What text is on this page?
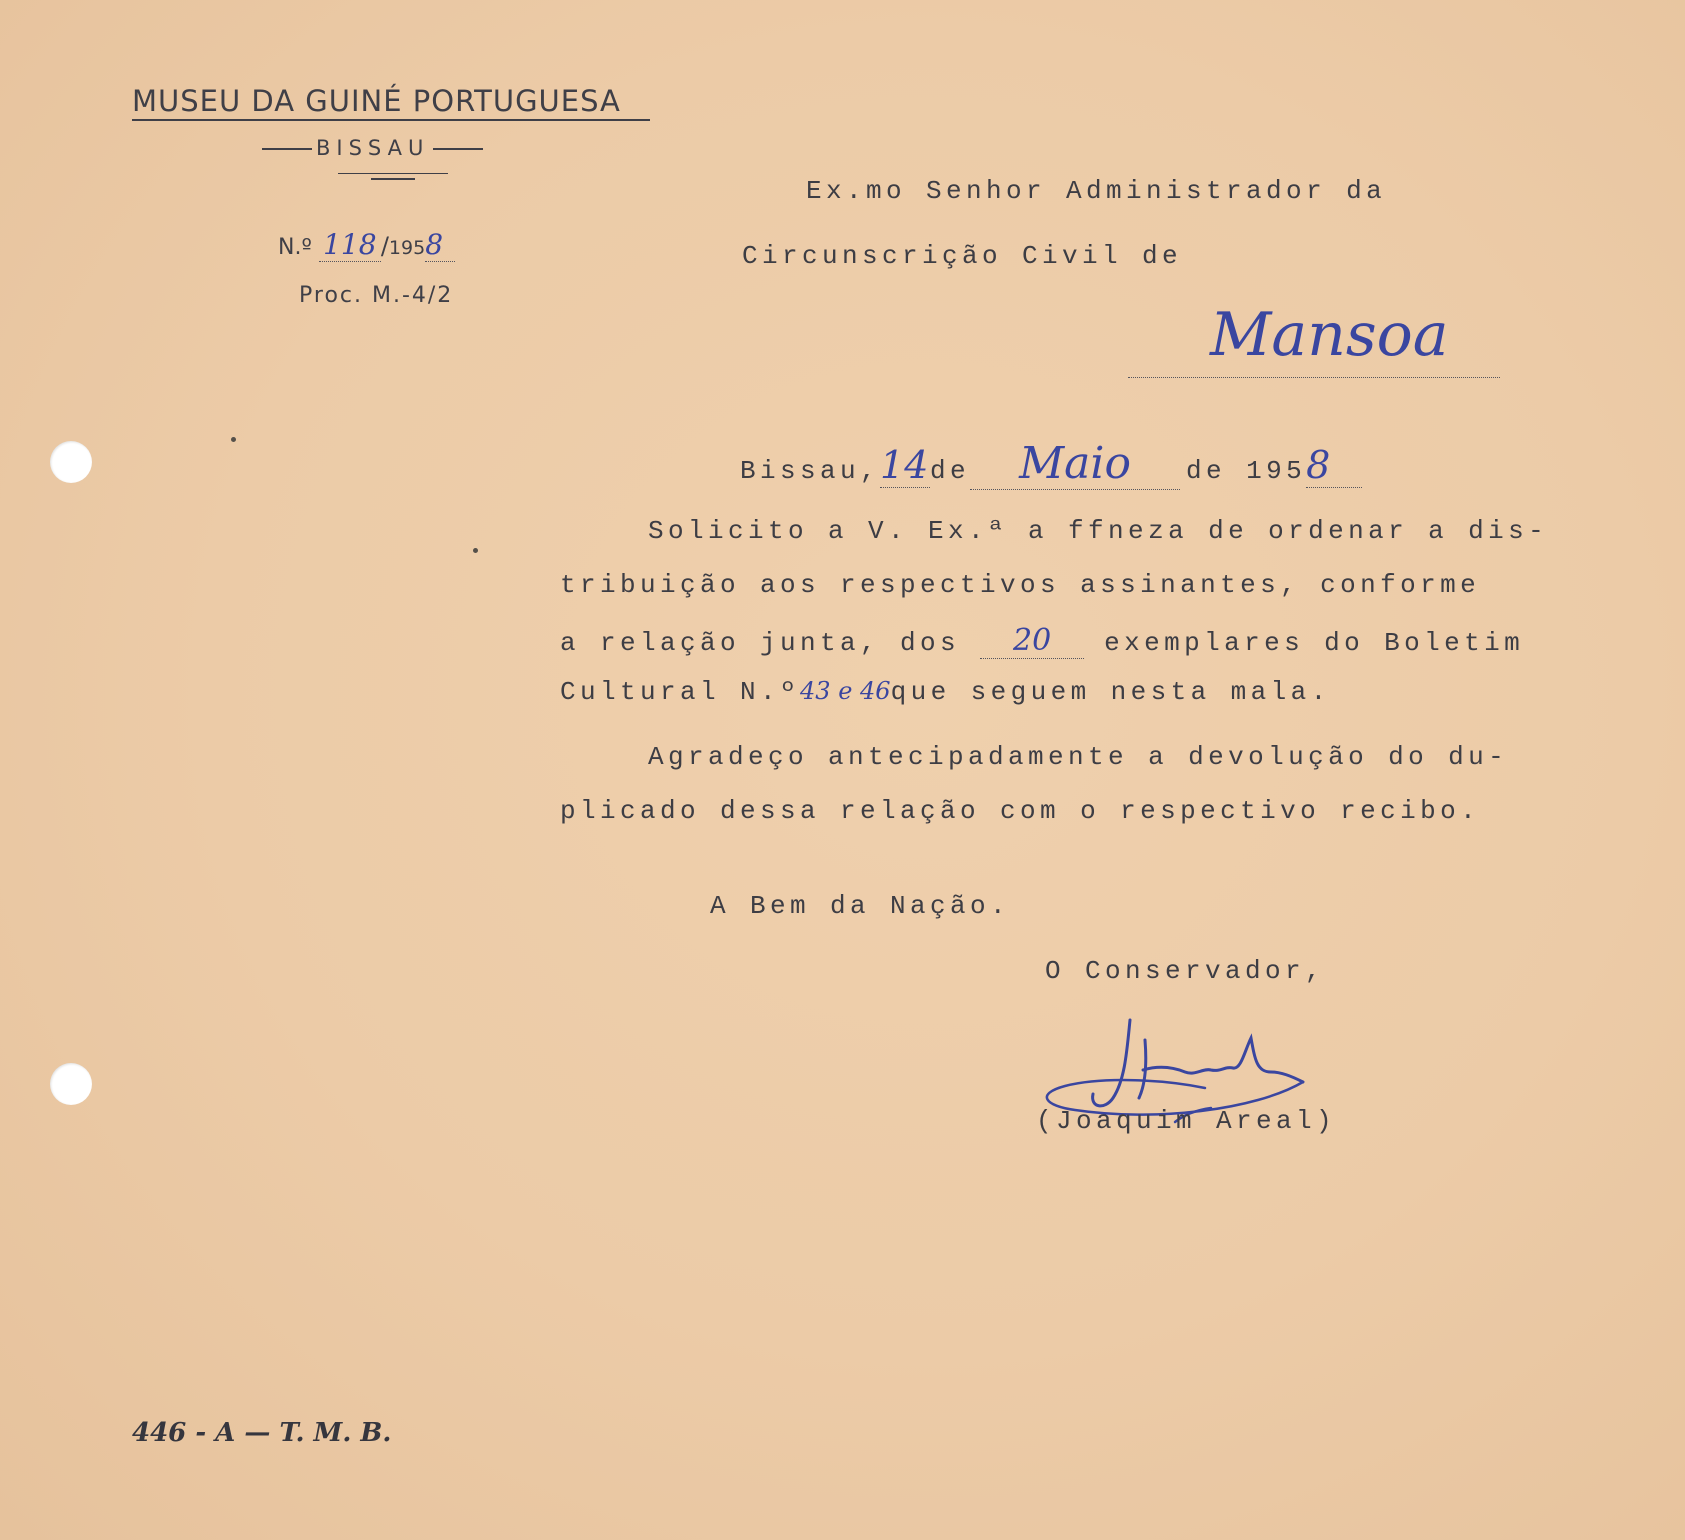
MUSEU DA GUINÉ PORTUGUESA
BISSAU
N.º 118 /1958
Proc. M.-4/2
Ex.mo Senhor Administrador da
Circunscrição Civil de
Mansoa
Bissau,14de Maio de 1958
Solicito a V. Ex.ª a ffneza de ordenar a dis-
tribuição aos respectivos assinantes, conforme
a relação junta, dos 20 exemplares do Boletim
Cultural N.º43 e 46que seguem nesta mala.
Agradeço antecipadamente a devolução do du-
plicado dessa relação com o respectivo recibo.
A Bem da Nação.
O Conservador,
(Joaquim Areal)
446 - A — T. M. B.
